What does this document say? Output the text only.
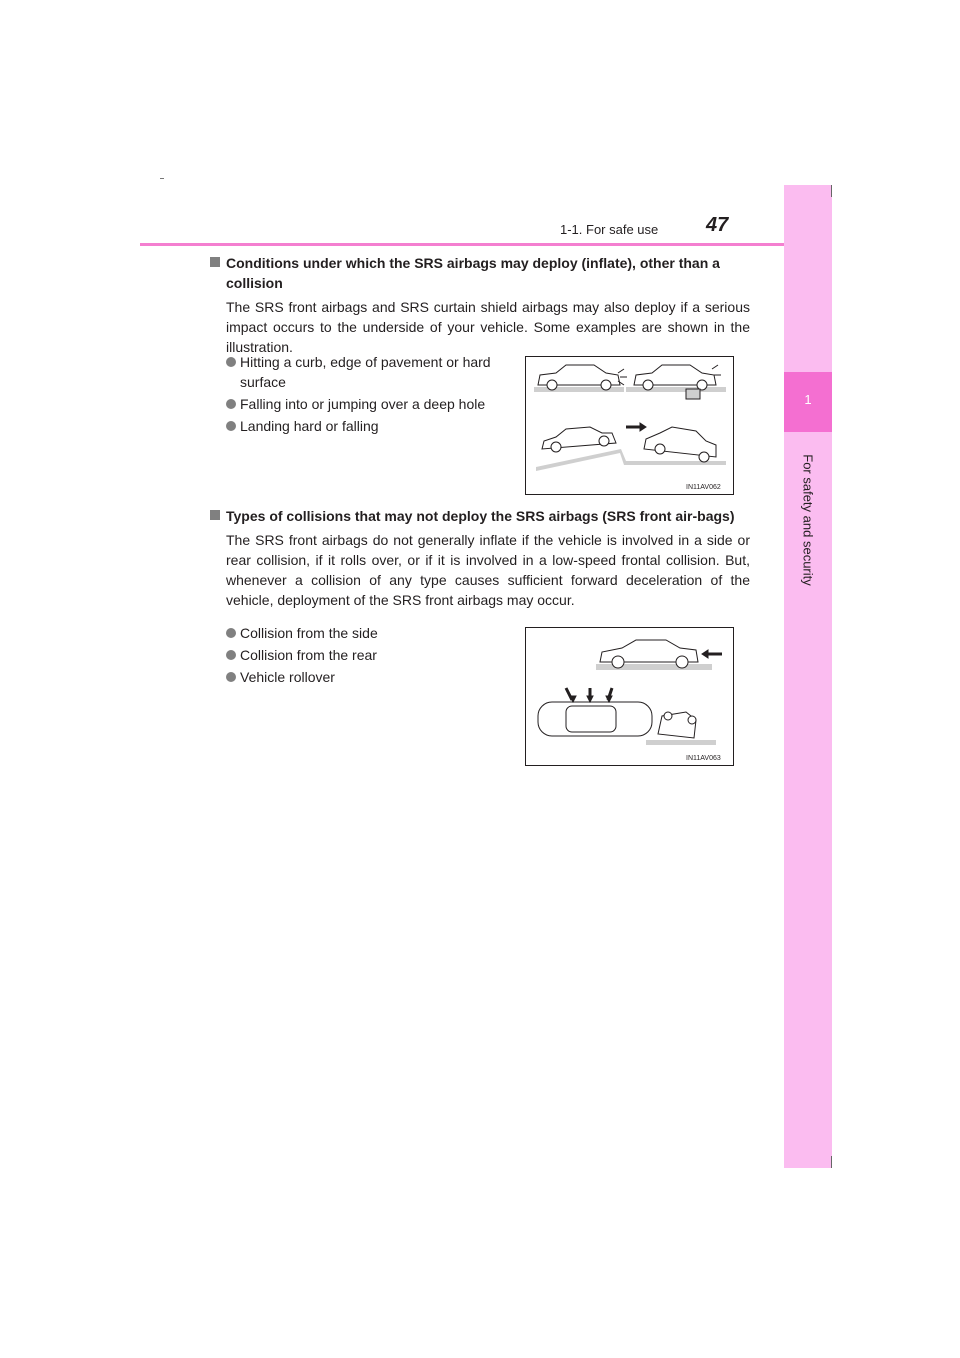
1-1. For safe use 47
1
For safety and security
Conditions under which the SRS airbags may deploy (inflate), other than a collision
The SRS front airbags and SRS curtain shield airbags may also deploy if a serious impact occurs to the underside of your vehicle. Some examples are shown in the illustration.
Hitting a curb, edge of pavement or hard surface
Falling into or jumping over a deep hole
Landing hard or falling
IN11AV062
Types of collisions that may not deploy the SRS airbags (SRS front air-bags)
The SRS front airbags do not generally inflate if the vehicle is involved in a side or rear collision, if it rolls over, or if it is involved in a low-speed frontal collision. But, whenever a collision of any type causes sufficient forward deceleration of the vehicle, deployment of the SRS front airbags may occur.
Collision from the side
Collision from the rear
Vehicle rollover
IN11AV063
